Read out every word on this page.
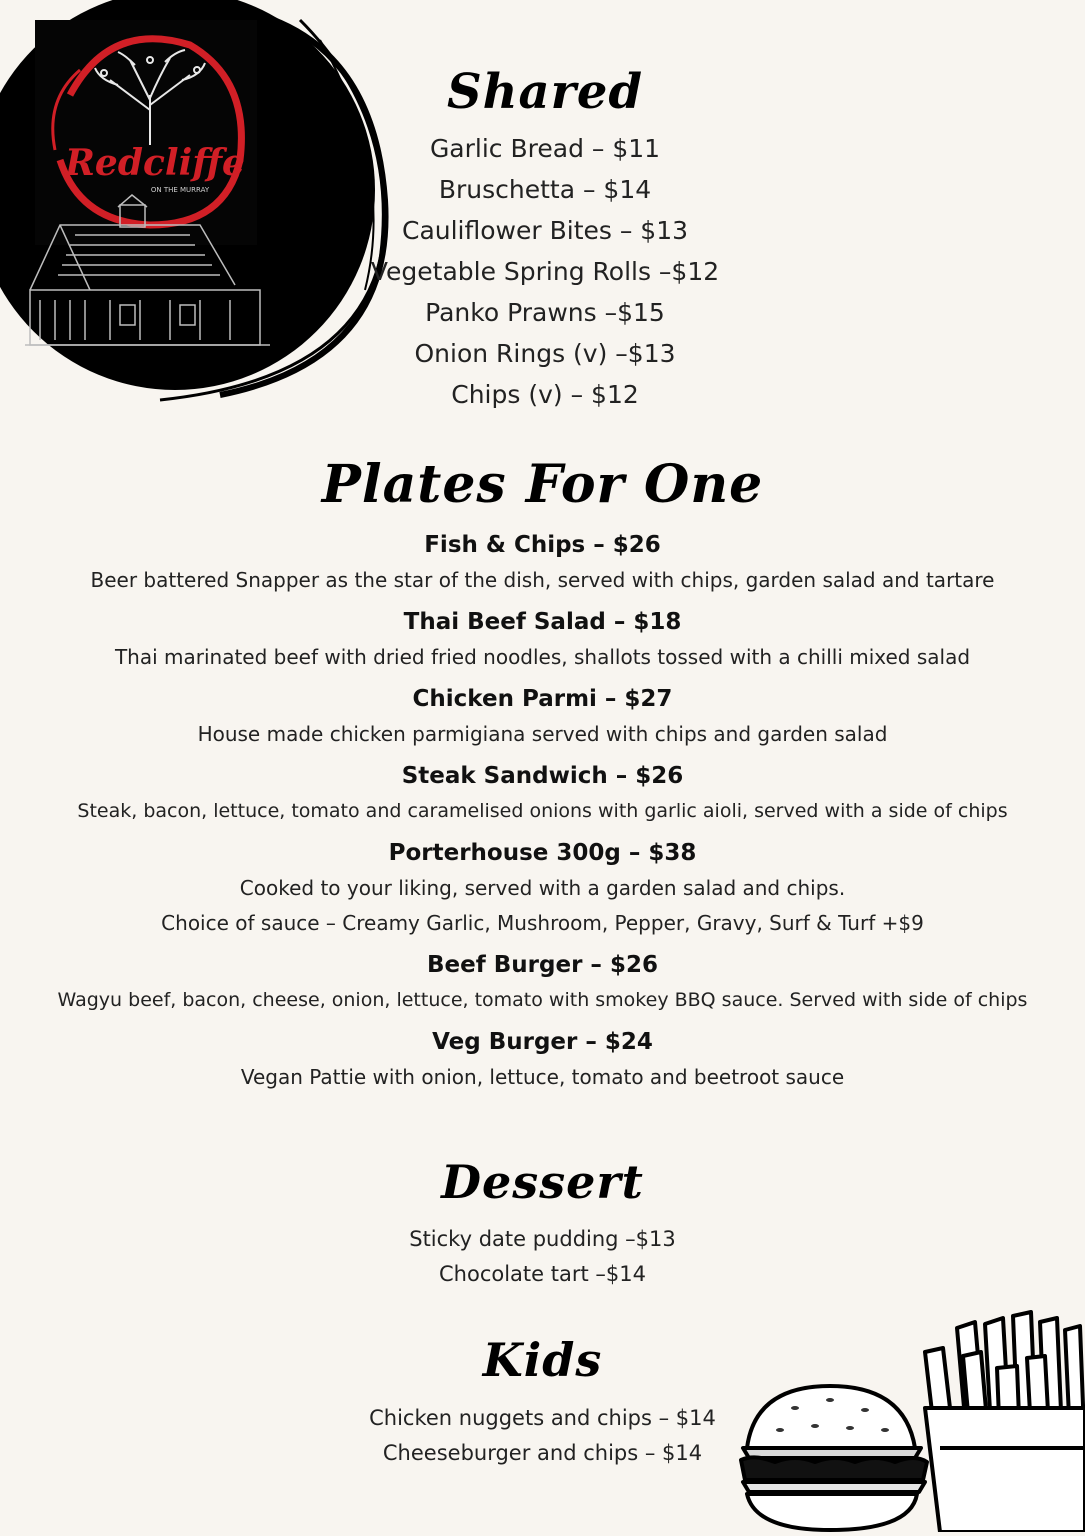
Redcliffe
ON THE MURRAY
Shared
Garlic Bread – $11
Bruschetta – $14
Cauliflower Bites – $13
Vegetable Spring Rolls –$12
Panko Prawns –$15
Onion Rings (v) –$13
Chips (v) – $12
Plates For One
Fish & Chips – $26
Beer battered Snapper as the star of the dish, served with chips, garden salad and tartare
Thai Beef Salad – $18
Thai marinated beef with dried fried noodles, shallots tossed with a chilli mixed salad
Chicken Parmi – $27
House made chicken parmigiana served with chips and garden salad
Steak Sandwich – $26
Steak, bacon, lettuce, tomato and caramelised onions with garlic aioli, served with a side of chips
Porterhouse 300g – $38
Cooked to your liking, served with a garden salad and chips.
Choice of sauce – Creamy Garlic, Mushroom, Pepper, Gravy, Surf & Turf +$9
Beef Burger – $26
Wagyu beef, bacon, cheese, onion, lettuce, tomato with smokey BBQ sauce. Served with side of chips
Veg Burger – $24
Vegan Pattie with onion, lettuce, tomato and beetroot sauce
Dessert
Sticky date pudding –$13
Chocolate tart –$14
Kids
Chicken nuggets and chips – $14
Cheeseburger and chips – $14
